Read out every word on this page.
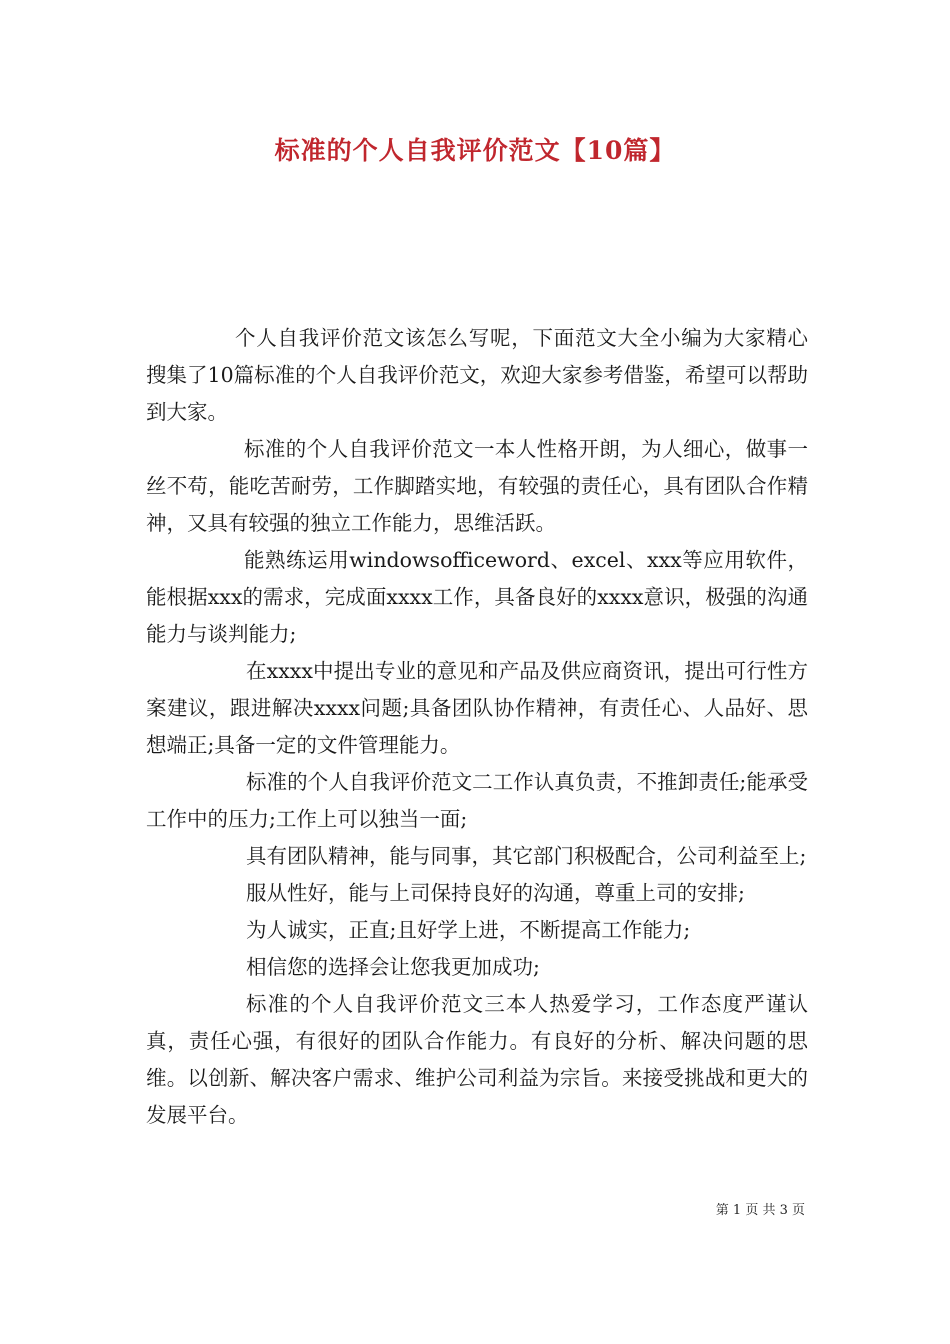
标准的个人自我评价范文【10篇】

个人自我评价范文该怎么写呢，下面范文大全小编为大家精心搜集了10篇标准的个人自我评价范文，欢迎大家参考借鉴，希望可以帮助到大家。

标准的个人自我评价范文一本人性格开朗，为人细心，做事一丝不苟，能吃苦耐劳，工作脚踏实地，有较强的责任心，具有团队合作精神，又具有较强的独立工作能力，思维活跃。

能熟练运用windowsofficeword、excel、xxx等应用软件，能根据xxx的需求，完成面xxxx工作，具备良好的xxxx意识，极强的沟通能力与谈判能力;

在xxxx中提出专业的意见和产品及供应商资讯，提出可行性方案建议，跟进解决xxxx问题;具备团队协作精神，有责任心、人品好、思想端正;具备一定的文件管理能力。

标准的个人自我评价范文二工作认真负责，不推卸责任;能承受工作中的压力;工作上可以独当一面;

具有团队精神，能与同事，其它部门积极配合，公司利益至上;

服从性好，能与上司保持良好的沟通，尊重上司的安排;

为人诚实，正直;且好学上进，不断提高工作能力;

相信您的选择会让您我更加成功;

标准的个人自我评价范文三本人热爱学习，工作态度严谨认真，责任心强，有很好的团队合作能力。有良好的分析、解决问题的思维。以创新、解决客户需求、维护公司利益为宗旨。来接受挑战和更大的发展平台。

第 1 页 共 3 页
